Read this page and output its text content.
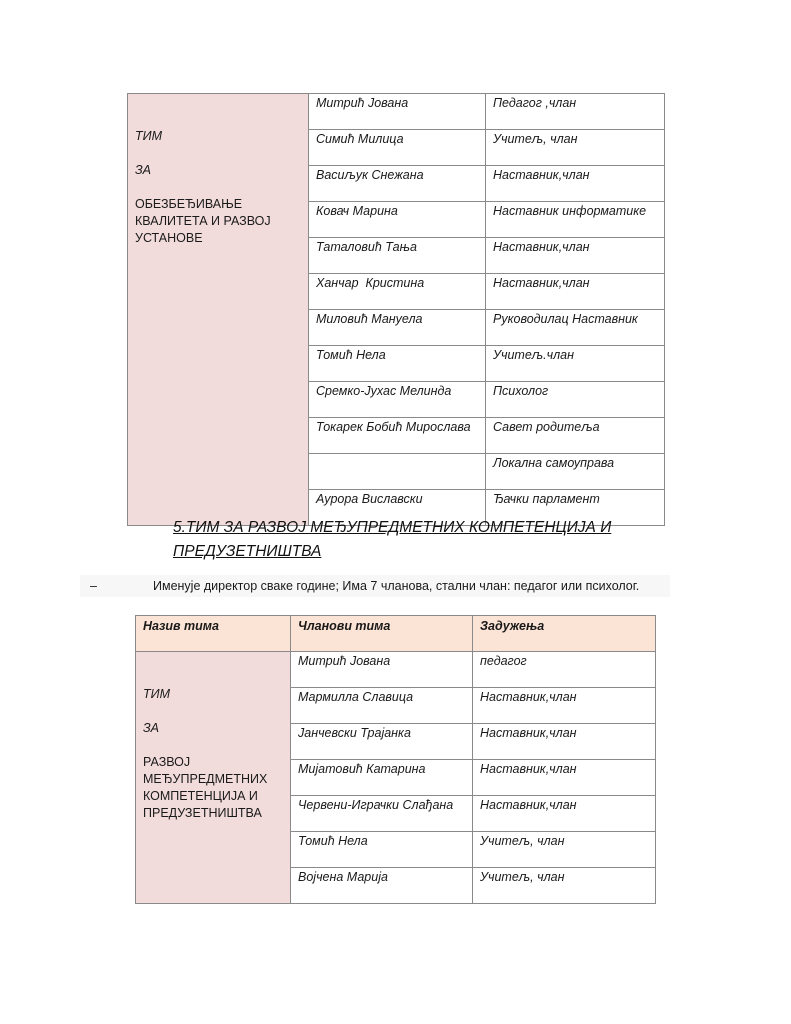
ТИМ
ЗА
ОБЕЗБЕЂИВАЊЕ КВАЛИТЕТА И РАЗВОЈ УСТАНОВЕ	Митрић Јована	Педагог ,члан
	Симић Милица	Учитељ, члан
	Васиљук Снежана	Наставник,члан
	Ковач Марина	Наставник информатике
	Таталовић Тања	Наставник,члан
	Ханчар  Кристина	Наставник,члан
	Миловић Мануела	Руководилац Наставник
	Томић Нела	Учитељ.члан
	Сремко-Јухас Мелинда	Психолог
	Токарек Бобић Мирослава	Савет родитеља
		Локална самоуправа
	Аурора Виславски	Ђачки парламент
5.ТИМ ЗА РАЗВОЈ МЕЂУПРЕДМЕТНИХ КОМПЕТЕНЦИЈА И ПРЕДУЗЕТНИШТВА
–	Именује директор сваке године; Има 7 чланова, стални члан: педагог или психолог.
Назив тима	Чланови тима	Задужења

ТИМ
ЗА
РАЗВОЈ МЕЂУПРЕДМЕТНИХ КОМПЕТЕНЦИЈА И ПРЕДУЗЕТНИШТВА	Митрић Јована	педагог
	Мармилла Славица	Наставник,члан
	Јанчевски Трајанка	Наставник,члан
	Мијатовић Катарина	Наставник,члан
	Червени-Играчки Слађана	Наставник,члан
	Томић Нела	Учитељ, члан
	Војчена Марија	Учитељ, члан
